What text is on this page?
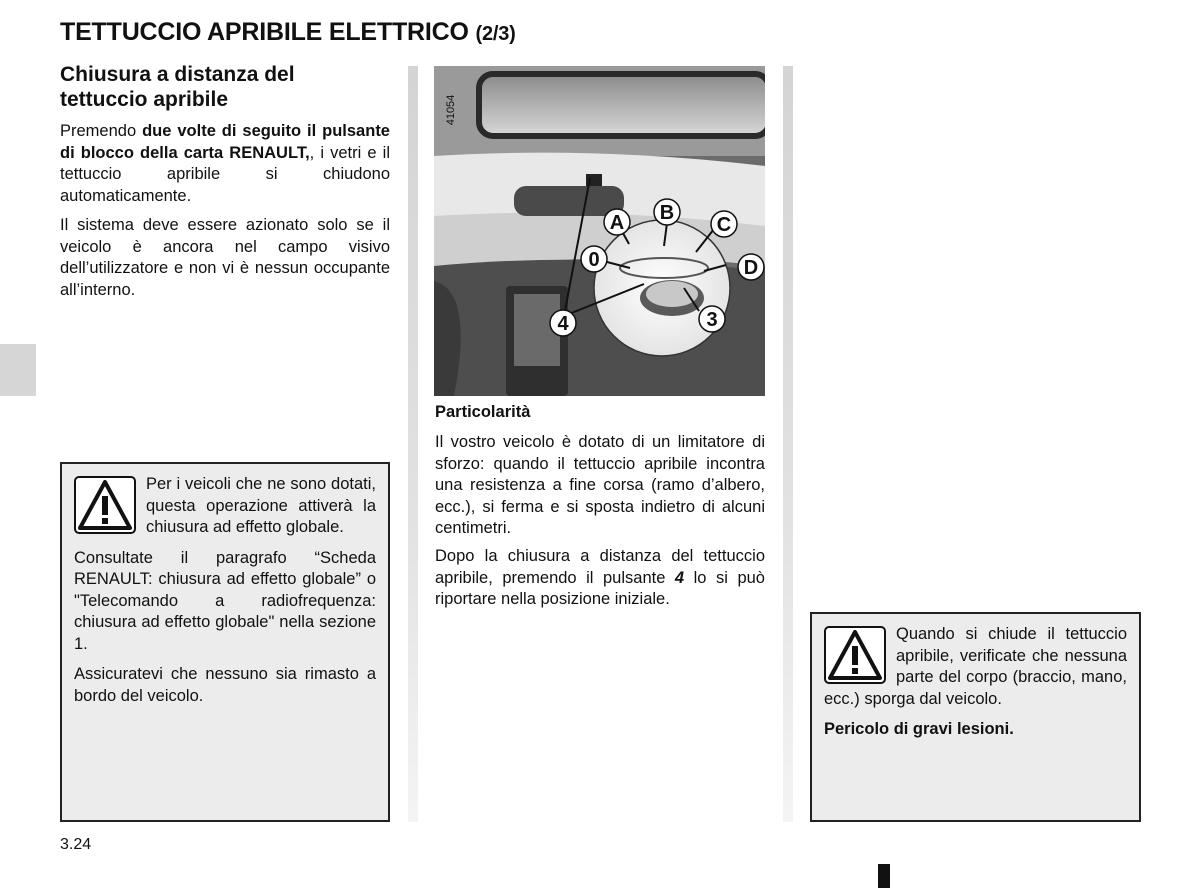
TETTUCCIO APRIBILE ELETTRICO (2/3)
Chiusura a distanza del tettuccio apribile

Premendo due volte di seguito il pulsante di blocco della carta RENAULT,, i vetri e il tettuccio apribile si chiudono automaticamente.

Il sistema deve essere azionato solo se il veicolo è ancora nel campo visivo dell’utilizzatore e non vi è nessun occupante all’interno.

Per i veicoli che ne sono dotati, questa operazione attiverà la chiusura ad effetto globale.

Consultate il paragrafo “Scheda RENAULT: chiusura ad effetto globale” o "Telecomando a radiofrequenza: chiusura ad effetto globale" nella sezione 1.

Assicuratevi che nessuno sia rimasto a bordo del veicolo.

A B
C
D
0
3
4
41054
Particolarità

Il vostro veicolo è dotato di un limitatore di sforzo: quando il tettuccio apribile incontra una resistenza a fine corsa (ramo d’albero, ecc.), si ferma e si sposta indietro di alcuni centimetri.

Dopo la chiusura a distanza del tettuccio apribile, premendo il pulsante 4 lo si può riportare nella posizione iniziale.

Quando si chiude il tettuccio apribile, verificate che nessuna parte del corpo (braccio, mano, ecc.) sporga dal veicolo.

Pericolo di gravi lesioni.

3.24
